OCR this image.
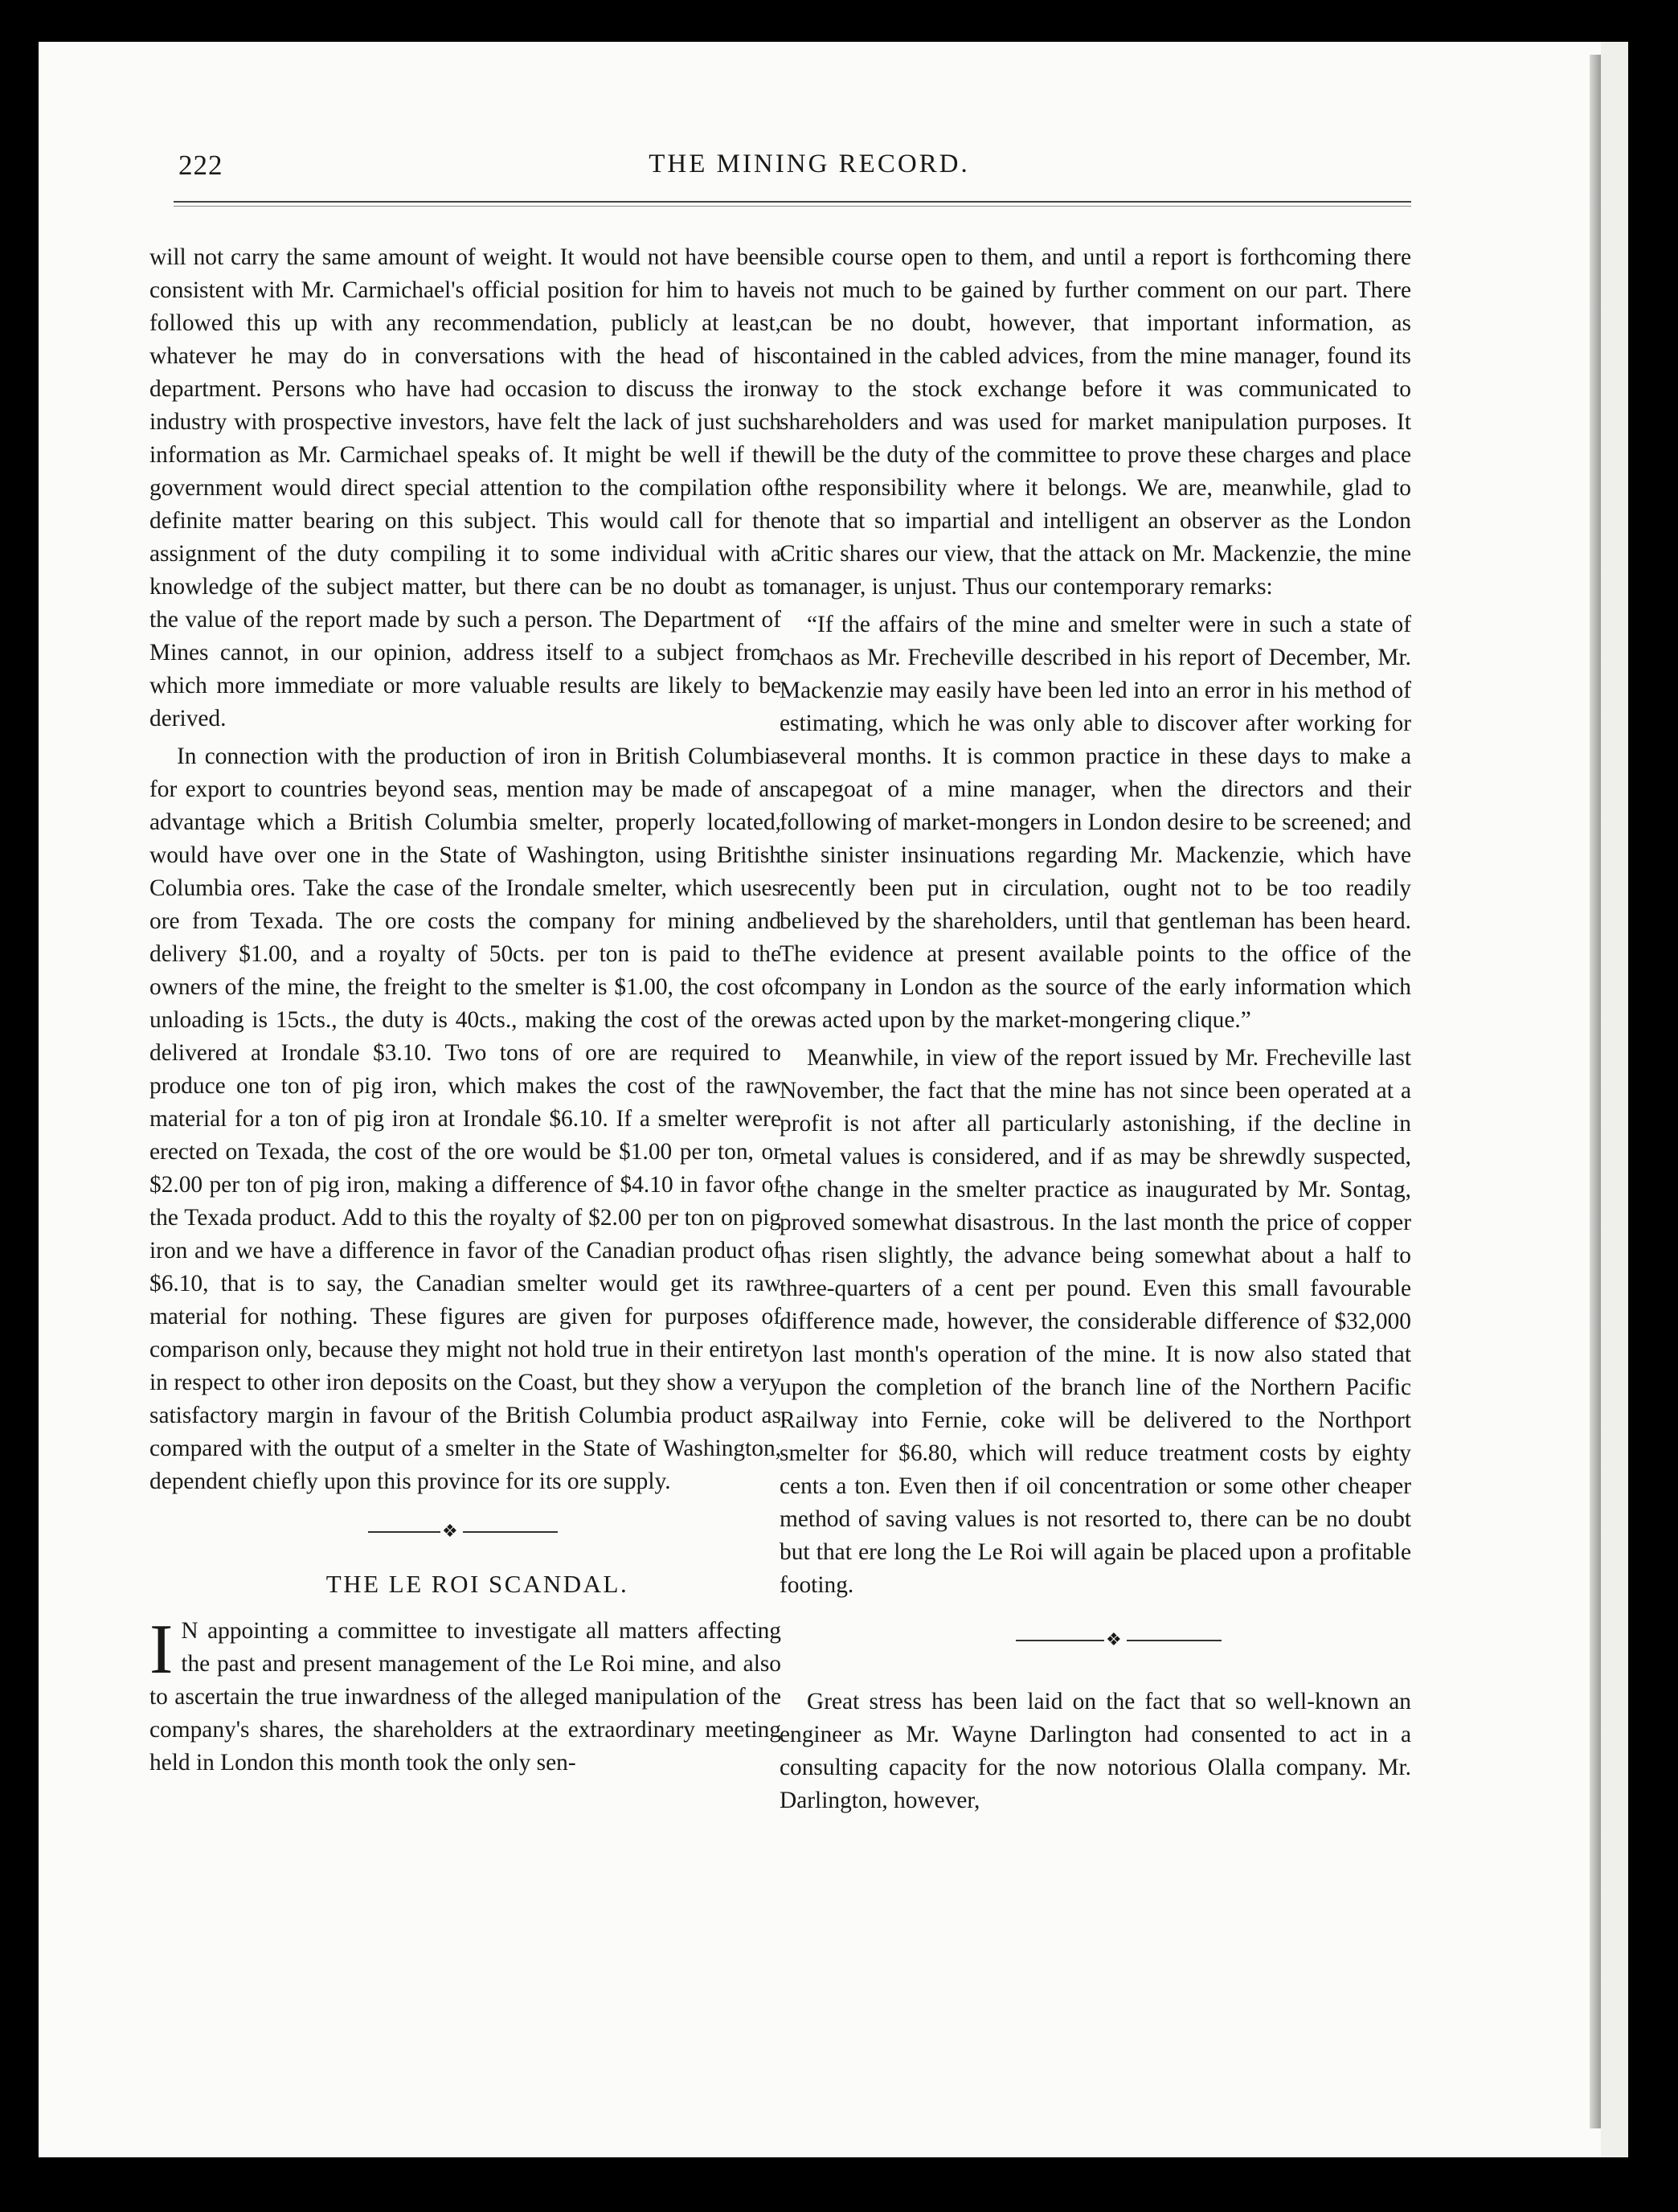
222	THE MINING RECORD.

will not carry the same amount of weight. It would not have been consistent with Mr. Carmichael's official position for him to have followed this up with any recommendation, publicly at least, whatever he may do in conversations with the head of his department. Persons who have had occasion to discuss the iron industry with prospective investors, have felt the lack of just such information as Mr. Carmichael speaks of. It might be well if the government would direct special attention to the compilation of definite matter bearing on this subject. This would call for the assignment of the duty compiling it to some individual with a knowledge of the subject matter, but there can be no doubt as to the value of the report made by such a person. The Department of Mines cannot, in our opinion, address itself to a subject from which more immediate or more valuable results are likely to be derived.

In connection with the production of iron in British Columbia for export to countries beyond seas, mention may be made of an advantage which a British Columbia smelter, properly located, would have over one in the State of Washington, using British Columbia ores. Take the case of the Irondale smelter, which uses ore from Texada. The ore costs the company for mining and delivery $1.00, and a royalty of 50cts. per ton is paid to the owners of the mine, the freight to the smelter is $1.00, the cost of unloading is 15cts., the duty is 40cts., making the cost of the ore delivered at Irondale $3.10. Two tons of ore are required to produce one ton of pig iron, which makes the cost of the raw material for a ton of pig iron at Irondale $6.10. If a smelter were erected on Texada, the cost of the ore would be $1.00 per ton, or $2.00 per ton of pig iron, making a difference of $4.10 in favor of the Texada product. Add to this the royalty of $2.00 per ton on pig iron and we have a difference in favor of the Canadian product of $6.10, that is to say, the Canadian smelter would get its raw material for nothing. These figures are given for purposes of comparison only, because they might not hold true in their entirety in respect to other iron deposits on the Coast, but they show a very satisfactory margin in favour of the British Columbia product as compared with the output of a smelter in the State of Washington, dependent chiefly upon this province for its ore supply.

❖
THE LE ROI SCANDAL.

I N appointing a committee to investigate all matters affecting the past and present management of the Le Roi mine, and also to ascertain the true inwardness of the alleged manipulation of the company's shares, the shareholders at the extraordinary meeting held in London this month took the only sen-

sible course open to them, and until a report is forthcoming there is not much to be gained by further comment on our part. There can be no doubt, however, that important information, as contained in the cabled advices, from the mine manager, found its way to the stock exchange before it was communicated to shareholders and was used for market manipulation purposes. It will be the duty of the committee to prove these charges and place the responsibility where it belongs. We are, meanwhile, glad to note that so impartial and intelligent an observer as the London Critic shares our view, that the attack on Mr. Mackenzie, the mine manager, is unjust. Thus our contemporary remarks:

“If the affairs of the mine and smelter were in such a state of chaos as Mr. Frecheville described in his report of December, Mr. Mackenzie may easily have been led into an error in his method of estimating, which he was only able to discover after working for several months. It is common practice in these days to make a scapegoat of a mine manager, when the directors and their following of market-mongers in London desire to be screened; and the sinister insinuations regarding Mr. Mackenzie, which have recently been put in circulation, ought not to be too readily believed by the shareholders, until that gentleman has been heard. The evidence at present available points to the office of the company in London as the source of the early information which was acted upon by the market-mongering clique.”

Meanwhile, in view of the report issued by Mr. Frecheville last November, the fact that the mine has not since been operated at a profit is not after all particularly astonishing, if the decline in metal values is considered, and if as may be shrewdly suspected, the change in the smelter practice as inaugurated by Mr. Sontag, proved somewhat disastrous. In the last month the price of copper has risen slightly, the advance being somewhat about a half to three-quarters of a cent per pound. Even this small favourable difference made, however, the considerable difference of $32,000 on last month's operation of the mine. It is now also stated that upon the completion of the branch line of the Northern Pacific Railway into Fernie, coke will be delivered to the Northport smelter for $6.80, which will reduce treatment costs by eighty cents a ton. Even then if oil concentration or some other cheaper method of saving values is not resorted to, there can be no doubt but that ere long the Le Roi will again be placed upon a profitable footing.

❖

Great stress has been laid on the fact that so well-known an engineer as Mr. Wayne Darlington had consented to act in a consulting capacity for the now notorious Olalla company. Mr. Darlington, however,
